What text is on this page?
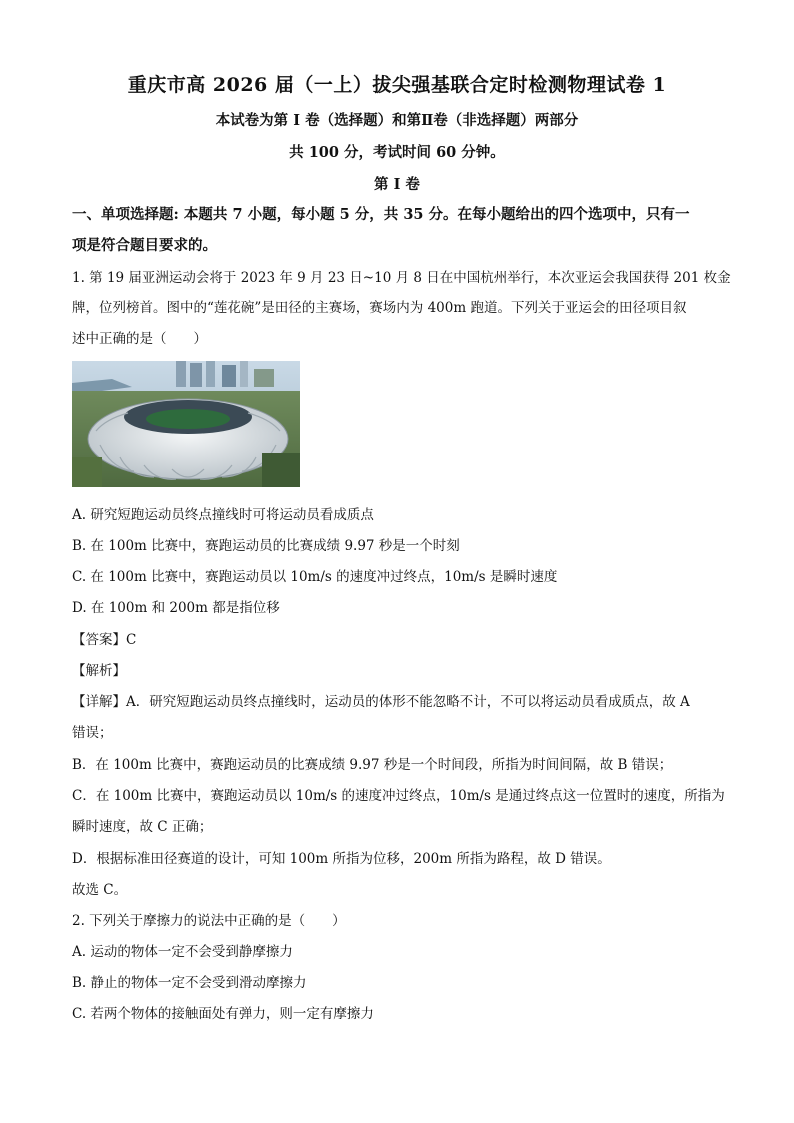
重庆市高 2026 届（一上）拔尖强基联合定时检测物理试卷 1
本试卷为第 I 卷（选择题）和第Ⅱ卷（非选择题）两部分
共 100 分，考试时间 60 分钟。
第 I 卷
一、单项选择题: 本题共 7 小题，每小题 5 分，共 35 分。在每小题给出的四个选项中，只有一
项是符合题目要求的。
1. 第 19 届亚洲运动会将于 2023 年 9 月 23 日~10 月 8 日在中国杭州举行，本次亚运会我国获得 201 枚金
牌，位列榜首。图中的“莲花碗”是田径的主赛场，赛场内为 400m 跑道。下列关于亚运会的田径项目叙
述中正确的是（　　）
A. 研究短跑运动员终点撞线时可将运动员看成质点
B. 在 100m 比赛中，赛跑运动员的比赛成绩 9.97 秒是一个时刻
C. 在 100m 比赛中，赛跑运动员以 10m/s 的速度冲过终点，10m/s 是瞬时速度
D. 在 100m 和 200m 都是指位移
【答案】C
【解析】
【详解】A．研究短跑运动员终点撞线时，运动员的体形不能忽略不计，不可以将运动员看成质点，故 A
错误；
B．在 100m 比赛中，赛跑运动员的比赛成绩 9.97 秒是一个时间段，所指为时间间隔，故 B 错误；
C．在 100m 比赛中，赛跑运动员以 10m/s 的速度冲过终点，10m/s 是通过终点这一位置时的速度，所指为
瞬时速度，故 C 正确；
D．根据标准田径赛道的设计，可知 100m 所指为位移，200m 所指为路程，故 D 错误。
故选 C。
2. 下列关于摩擦力的说法中正确的是（　　）
A. 运动的物体一定不会受到静摩擦力
B. 静止的物体一定不会受到滑动摩擦力
C. 若两个物体的接触面处有弹力，则一定有摩擦力
